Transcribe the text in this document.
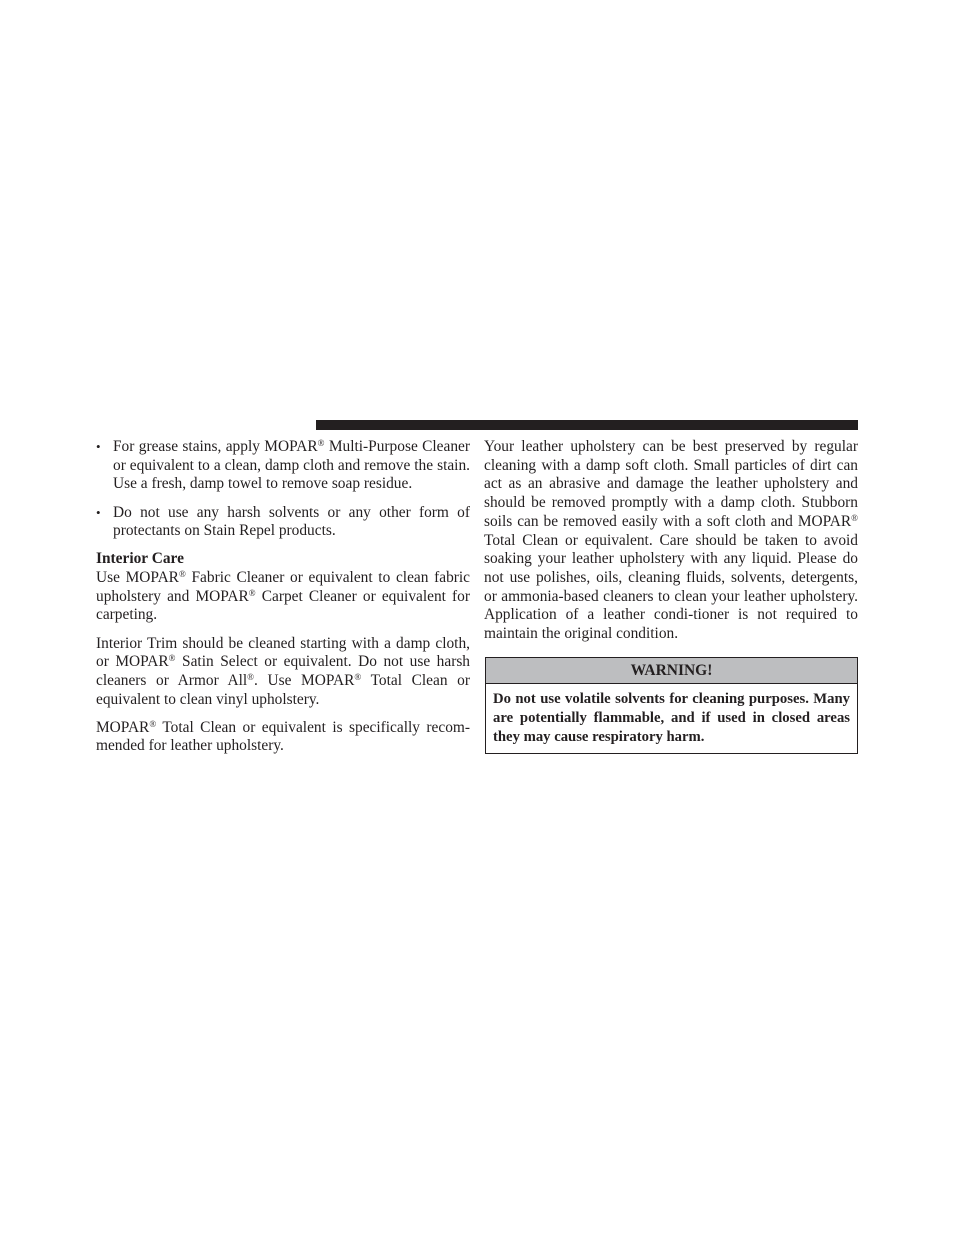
• For grease stains, apply MOPAR® Multi-Purpose Cleaner or equivalent to a clean, damp cloth and remove the stain. Use a fresh, damp towel to remove soap residue.
• Do not use any harsh solvents or any other form of protectants on Stain Repel products.
Interior Care

Use MOPAR® Fabric Cleaner or equivalent to clean fabric upholstery and MOPAR® Carpet Cleaner or equivalent for carpeting.

Interior Trim should be cleaned starting with a damp cloth, or MOPAR® Satin Select or equivalent. Do not use harsh cleaners or Armor All®. Use MOPAR® Total Clean or equivalent to clean vinyl upholstery.

MOPAR® Total Clean or equivalent is specifically recom-mended for leather upholstery.

Your leather upholstery can be best preserved by regular cleaning with a damp soft cloth. Small particles of dirt can act as an abrasive and damage the leather upholstery and should be removed promptly with a damp cloth. Stubborn soils can be removed easily with a soft cloth and MOPAR® Total Clean or equivalent. Care should be taken to avoid soaking your leather upholstery with any liquid. Please do not use polishes, oils, cleaning fluids, solvents, detergents, or ammonia-based cleaners to clean your leather upholstery. Application of a leather condi-tioner is not required to maintain the original condition.

WARNING!
Do not use volatile solvents for cleaning purposes. Many are potentially flammable, and if used in closed areas they may cause respiratory harm.
